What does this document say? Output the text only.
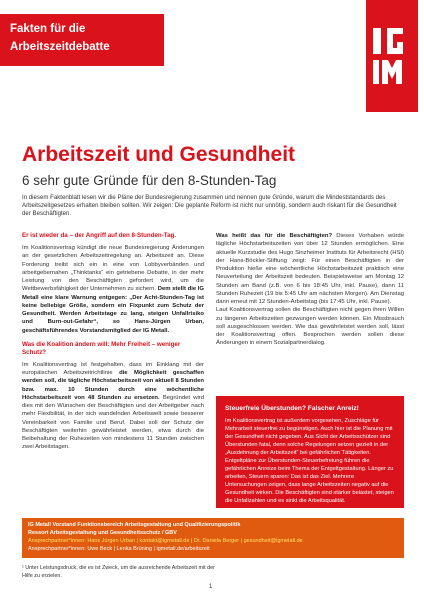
Fakten für die
Arbeitszeitdebatte
Arbeitszeit und Gesundheit
6 sehr gute Gründe für den 8-Stunden-Tag
In diesem Faktenblatt lesen wir die Pläne der Bundesregierung zusammen und nennen gute Gründe, warum die Mindeststandards des Arbeitszeitgesetzes erhalten bleiben sollten. Wir zeigen: Die geplante Reform ist nicht nur unnötig, sondern auch riskant für die Gesundheit der Beschäftigten.
Er ist wieder da – der Angriff auf den 8-Stunden-Tag.
Im Koalitionsvertrag kündigt die neue Bundesregierung Änderungen an der gesetzlichen Arbeitszeitregelung an. Arbeitszeit an. Diese Forderung treibt sich ein in eine von Lobbyverbänden und arbeitgebernahen „Thinktanks“ ein getriebene Debatte, in der mehr Leistung von den Beschäftigten gefordert wird, um die Wettbewerbsfähigkeit der Unternehmen zu sichern. Dem stellt die IG Metall eine klare Warnung entgegen: „Der Acht-Stunden-Tag ist keine beliebige Größe, sondern ein Fixpunkt zum Schutz der Gesundheit. Werden Arbeitstage zu lang, steigen Unfallrisiko und Burn-out-Gefahr“, so Hans-Jürgen Urban, geschäftsführendes Vorstandsmitglied der IG Metall.
Was die Koalition ändern will: Mehr Freiheit – weniger Schutz?
Im Koalitionsvertrag ist festgehalten, dass im Einklang mit der europäischen Arbeitszeitrichtlinie die Möglichkeit geschaffen werden soll, die tägliche Höchstarbeitszeit von aktuell 8 Stunden bzw. max. 10 Stunden durch eine wöchentliche Höchstarbeitszeit von 48 Stunden zu ersetzen. Begründet wird dies mit den Wünschen der Beschäftigten und der Arbeitgeber nach mehr Flexibilität, in der sich wandelnden Arbeitswelt sowie besserer Vereinbarkeit von Familie und Beruf. Dabei soll der Schutz der Beschäftigten weiterhin gewährleistet werden, etwa durch die Beibehaltung der Ruhezeiten von mindestens 11 Stunden zwischen zwei Arbeitstagen.
Was heißt das für die Beschäftigten? Dieses Vorhaben würde tägliche Höchstarbeitszeiten von über 12 Stunden ermöglichen. Eine aktuelle Kurzstudie des Hugo Sinzheimer Instituts für Arbeitsrecht (HSI) der Hans-Böckler-Stiftung zeigt: Für einen Beschäftigten in der Produktion hieße eine wöchentliche Höchstarbeitszeit praktisch eine Neuverteilung der Arbeitszeit bedeuten. Beispielsweise am Montag 12 Stunden am Band (z.B. von 6 bis 18:45 Uhr, inkl. Pause), dann 11 Stunden Ruhezeit (19 bis 5:45 Uhr am nächsten Morgen). Am Dienstag dann erneut mit 12 Stunden-Arbeitstag (bis 17:45 Uhr, inkl. Pause).
Laut Koalitionsvertrag sollen die Beschäftigten nicht gegen ihren Willen zu längeren Arbeitszeiten gezwungen werden können. Ein Missbrauch soll ausgeschlossen werden. Wie das gewährleistet werden soll, lässt der Koalitionsvertrag offen. Besprochen werden sollen diese Änderungen in einem Sozialpartnerdialog.
Steuerfreie Überstunden? Falscher Anreiz!
Im Koalitionsvertrag ist außerdem vorgesehen, Zuschläge für Mehrarbeit steuerfrei zu begünstigen. Auch hier ist die Planung mit der Gesundheit nicht gegeben. Aus Sicht der Arbeitsschützer sind Überstunden fatal, denn solche Regelungen setzen gezielt in der „Ausdehnung der Arbeitszeit“ bei gefährlichen Tätigkeiten. Entgeltpläne zur Überstunden-Steuerbefreiung führen die gefährlichen Anreize beim Thema der Entgeltgestaltung. Länger zu arbeiten, Steuern sparen: Das ist das Ziel. Mehrere Untersuchungen zeigen, dass lange Arbeitszeiten negativ auf die Gesundheit wirken. Die Beschäftigten sind stärker belastet, steigen die Unfallzahlen und es sinkt die Arbeitsqualität.
IG Metall Vorstand Funktionsbereich Arbeitsgestaltung und Qualifizierungspolitik
Ressort Arbeitsgestaltung und Gesundheitsschutz / GBV
Ansprechpartner*innen: Hans Jürgen Urban | kontakt@igmetall.de | Dr. Daniela Berger | gesundheit@igmetall.de
Ansprechpartner*innen: Uwe Beck | Lenka Brüning | igmetall.de/arbeitszeit
¹ Unter Leistungsdruck, die es ist Zweck, um die ausreichende Arbeitszeit mit der Hilfe zu erzielen.
1
